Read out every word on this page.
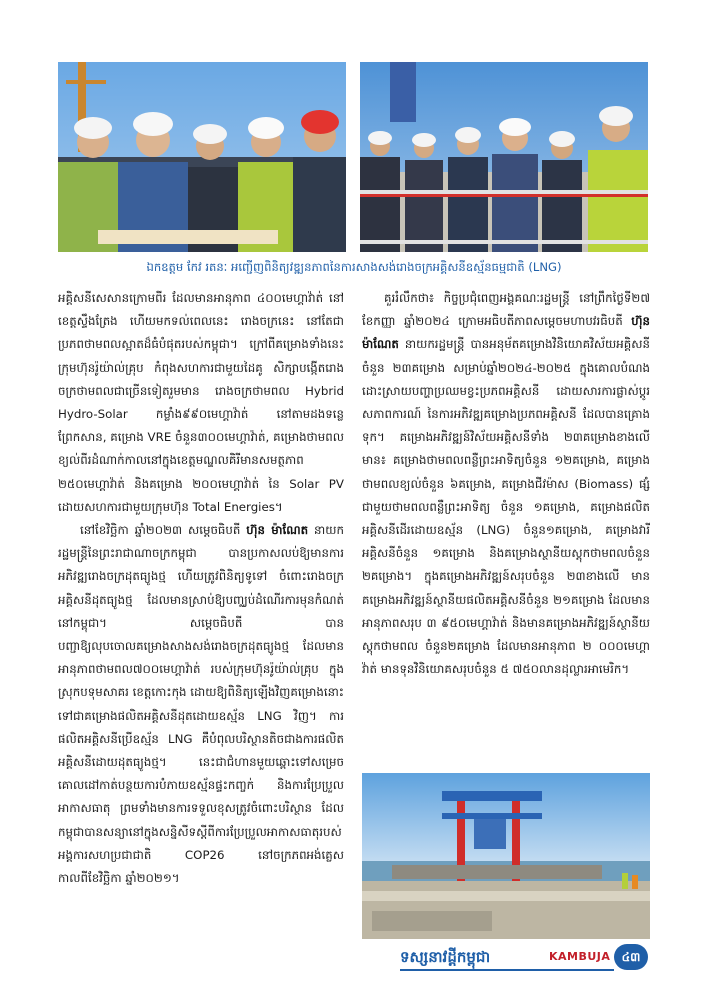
ឯកឧត្តម កែវ រតនៈ អញ្ជើញពិនិត្យវឌ្ឍនភាពនៃការសាងសង់រោងចក្រអគ្គិសនីឧស្ម័នធម្មជាតិ (LNG)

អគ្គិសនីសេសានក្រោមពីរ ដែលមានអានុភាព ៤០០មេហ្គាវ៉ាត់ នៅខេត្តស្ទឹងត្រែង ហើយមកទល់ពេលនេះ រោងចក្រនេះ នៅតែជាប្រភពថាមពលស្អាតដ៏ធំបំផុតរបស់កម្ពុជា។ ក្រៅពីគម្រោងទាំងនេះ ក្រុមហ៊ុនរ៉ូយ៉ាល់គ្រុប កំពុងសហការជាមួយដៃគូ សិក្សាបង្កើតរោងចក្រថាមពលជាច្រើនទៀតរួមមាន រោងចក្រថាមពល Hybrid Hydro-Solar កម្លាំង៩៩០មេហ្គាវ៉ាត់ នៅតាមដងទន្លេ ព្រែកសាន, គម្រោង VRE ចំនួន៣០០មេហ្គាវ៉ាត់, គម្រោងថាមពលខ្យល់ពីរដំណាក់កាលនៅក្នុងខេត្តមណ្ឌលគិរីមានសមត្ថភាព ២៥០មេហ្គាវ៉ាត់ និងគម្រោង ២០០មេហ្គាវ៉ាត់ នៃ Solar PV ដោយសហការជាមួយក្រុមហ៊ុន Total Energies។

នៅខែវិច្ឆិកា ឆ្នាំ២០២៣ សម្តេចធិបតី ហ៊ុន ម៉ាណែត នាយករដ្ឋមន្ត្រីនៃព្រះរាជាណាចក្រកម្ពុជា បានប្រកាសលប់ឱ្យមានការអភិវឌ្ឍរោងចក្រដុតធ្យូងថ្ម ហើយត្រូវពិនិត្យទូទៅ ចំពោះរោងចក្រអគ្គិសនីដុតធ្យូងថ្ម ដែលមានស្រាប់ឱ្យបញ្ឈប់ដំណើរការមុនកំណត់នៅកម្ពុជា។ សម្តេចធិបតី បានបញ្ជាឱ្យលុបចោលគម្រោងសាងសង់រោងចក្រដុតធ្យូងថ្ម ដែលមានអានុភាពថាមពល៧០០មេហ្គាវ៉ាត់ របស់ក្រុមហ៊ុនរ៉ូយ៉ាល់គ្រុប ក្នុងស្រុកបទុមសាគរ ខេត្តកោះកុង ដោយឱ្យពិនិត្យឡើងវិញគម្រោងនោះ ទៅជាគម្រោងផលិតអគ្គិសនីដុតដោយឧស្ម័ន LNG វិញ។ ការផលិតអគ្គិសនីប្រើឧស្ម័ន LNG គឺបំពុលបរិស្ថានតិចជាងការផលិតអគ្គិសនីដោយដុតធ្យូងថ្ម។ នេះជាជំហានមួយឆ្ពោះទៅសម្រេចគោលដៅកាត់បន្ថយការបំភាយឧស្ម័នផ្ទះកញ្ចក់ និងការប្រែប្រួលអាកាសធាតុ ព្រមទាំងមានការទទួលខុសត្រូវចំពោះបរិស្ថាន ដែលកម្ពុជាបានសន្យានៅក្នុងសន្និសីទស្តីពីការប្រែប្រួលអាកាសធាតុរបស់អង្គការសហប្រជាជាតិ COP26 នៅចក្រភពអង់គ្លេស កាលពីខែវិច្ឆិកា ឆ្នាំ២០២១។

គួររំលឹកថា៖ កិច្ចប្រជុំពេញអង្គគណៈរដ្ឋមន្ត្រី នៅព្រឹកថ្ងៃទី២៧ ខែកញ្ញា ឆ្នាំ២០២៤ ក្រោមអធិបតីភាពសម្តេចមហាបវរធិបតី ហ៊ុន ម៉ាណែត នាយករដ្ឋមន្ត្រី បានអនុម័តគម្រោងវិនិយោគវិស័យអគ្គិសនីចំនួន ២៣គម្រោង សម្រាប់ឆ្នាំ២០២៤-២០២៥ ក្នុងគោលបំណងដោះស្រាយបញ្ហាប្រឈមខ្វះប្រភពអគ្គិសនី ដោយសារការផ្លាស់ប្តូរសភាពការណ៍ នៃការអភិវឌ្ឍគម្រោងប្រភពអគ្គិសនី ដែលបានគ្រោងទុក។ គម្រោងអភិវឌ្ឍន៍វិស័យអគ្គិសនីទាំង ២៣គម្រោងខាងលើមាន៖ គម្រោងថាមពលពន្លឺព្រះអាទិត្យចំនួន ១២គម្រោង, គម្រោងថាមពលខ្យល់ចំនួន ៦គម្រោង, គម្រោងជីវម៉ាស (Biomass) ផ្សំជាមួយថាមពលពន្លឺព្រះអាទិត្យ ចំនួន ១គម្រោង, គម្រោងផលិតអគ្គិសនីដើរដោយឧស្ម័ន (LNG) ចំនួន១គម្រោង, គម្រោងវារីអគ្គិសនីចំនួន ១គម្រោង និងគម្រោងស្ថានីយស្តុកថាមពលចំនួន ២គម្រោង។ ក្នុងគម្រោងអភិវឌ្ឍន៍សរុបចំនួន ២៣ខាងលើ មានគម្រោងអភិវឌ្ឍន៍ស្ថានីយផលិតអគ្គិសនីចំនួន ២១គម្រោង ដែលមានអានុភាពសរុប ៣ ៩៥០មេហ្គាវ៉ាត់ និងមានគម្រោងអភិវឌ្ឍន៍ស្ថានីយស្តុកថាមពល ចំនួន២គម្រោង ដែលមានអានុភាព ២ ០០០មេហ្គាវ៉ាត់ មានទុនវិនិយោគសរុបចំនួន ៥ ៧៥០លានដុល្លារអាមេរិក។

ទស្សនាវដ្តីកម្ពុជា	KAMBUJA ៤៣
